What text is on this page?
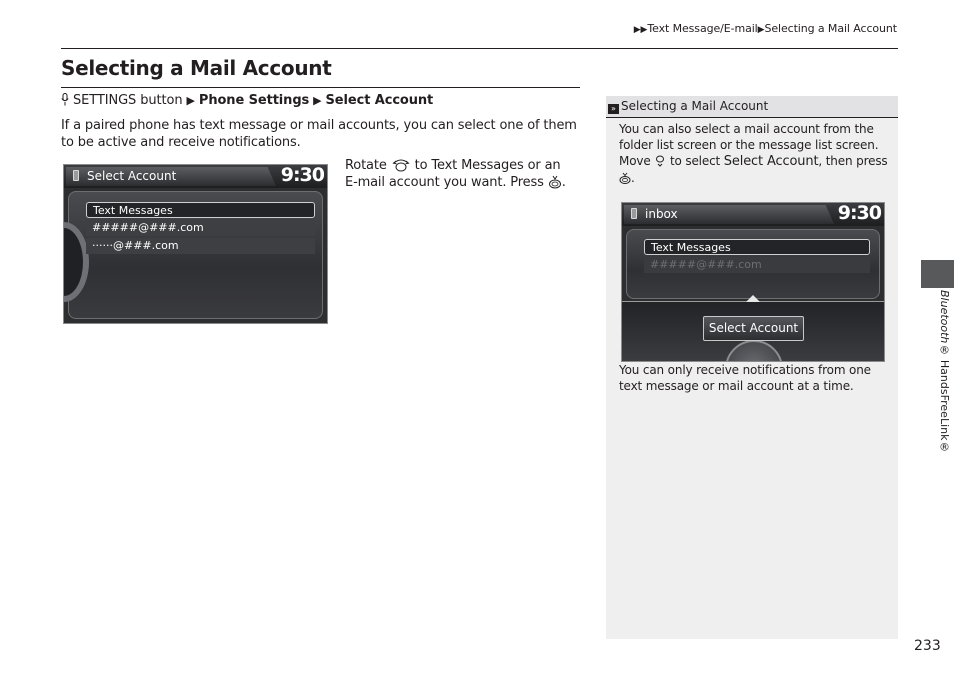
▶▶Text Message/E-mail▶Selecting a Mail Account
Selecting a Mail Account
SETTINGS button ▶ Phone Settings ▶ Select Account

If a paired phone has text message or mail accounts, you can select one of them to be active and receive notifications.

Select Account	9:30
Text Messages
#####@###.com
······@###.com

Rotate to Text Messages or an E-mail account you want. Press .

» Selecting a Mail Account

You can also select a mail account from the folder list screen or the message list screen. Move to select Select Account, then press .

You can only receive notifications from one text message or mail account at a time.

inbox	9:30
Text Messages
#####@###.com
Select Account	Bluetooth® HandsFreeLink®
233
